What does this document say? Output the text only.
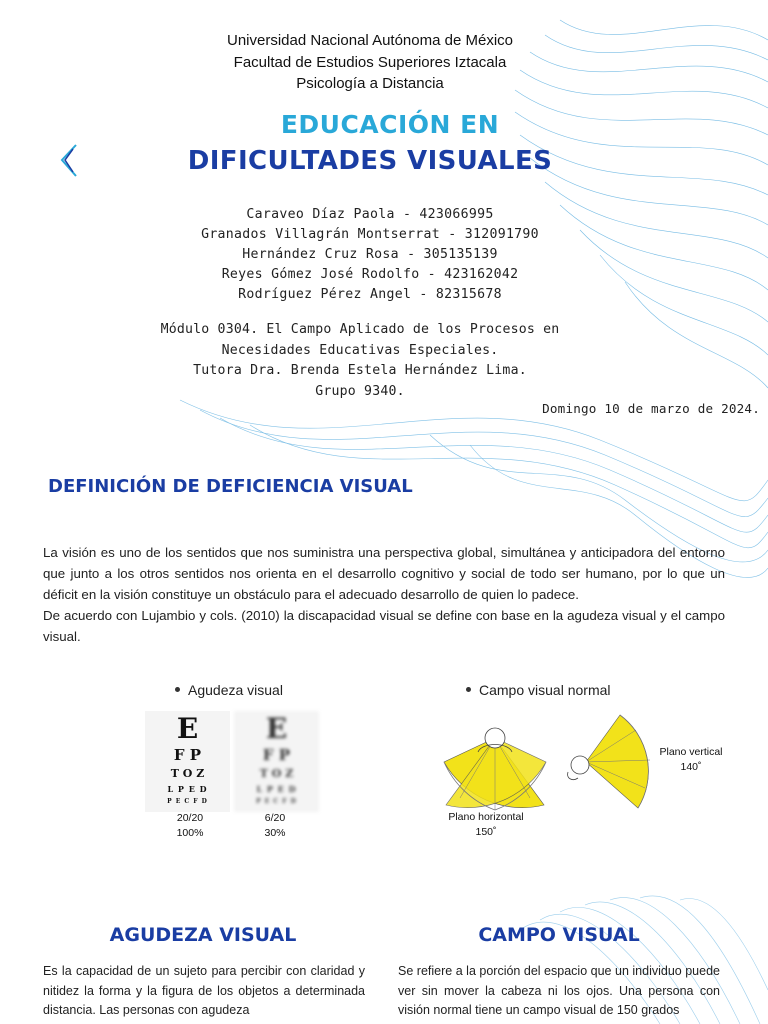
Universidad Nacional Autónoma de México
Facultad de Estudios Superiores Iztacala
Psicología a Distancia
EDUCACIÓN EN
DIFICULTADES VISUALES
Caraveo Díaz Paola - 423066995
Granados Villagrán Montserrat - 312091790
Hernández Cruz Rosa - 305135139
Reyes Gómez José Rodolfo - 423162042
Rodríguez Pérez Angel - 82315678
Módulo 0304. El Campo Aplicado de los Procesos en
Necesidades Educativas Especiales.
Tutora Dra. Brenda Estela Hernández Lima.
Grupo 9340.
Domingo 10 de marzo de 2024.
DEFINICIÓN DE DEFICIENCIA VISUAL

La visión es uno de los sentidos que nos suministra una perspectiva global, simultánea y anticipadora del entorno que junto a los otros sentidos nos orienta en el desarrollo cognitivo y social de todo ser humano, por lo que un déficit en la visión constituye un obstáculo para el adecuado desarrollo de quien lo padece.

De acuerdo con Lujambio y cols. (2010) la discapacidad visual se define con base en la agudeza visual y el campo visual.

Agudeza visual	Campo visual normal
E
F P
T O Z
L P E D
P E C F D
E
F P
T O Z
L P E D
P E C F D
20/20
100%
6/20
30%
Plano vertical
140˚
Plano horizontal
150˚
AGUDEZA VISUAL	CAMPO VISUAL

Es la capacidad de un sujeto para percibir con claridad y nitidez la forma y la figura de los objetos a determinada distancia. Las personas con agudeza

Se refiere a la porción del espacio que un individuo puede ver sin mover la cabeza ni los ojos. Una persona con visión normal tiene un campo visual de 150 grados
